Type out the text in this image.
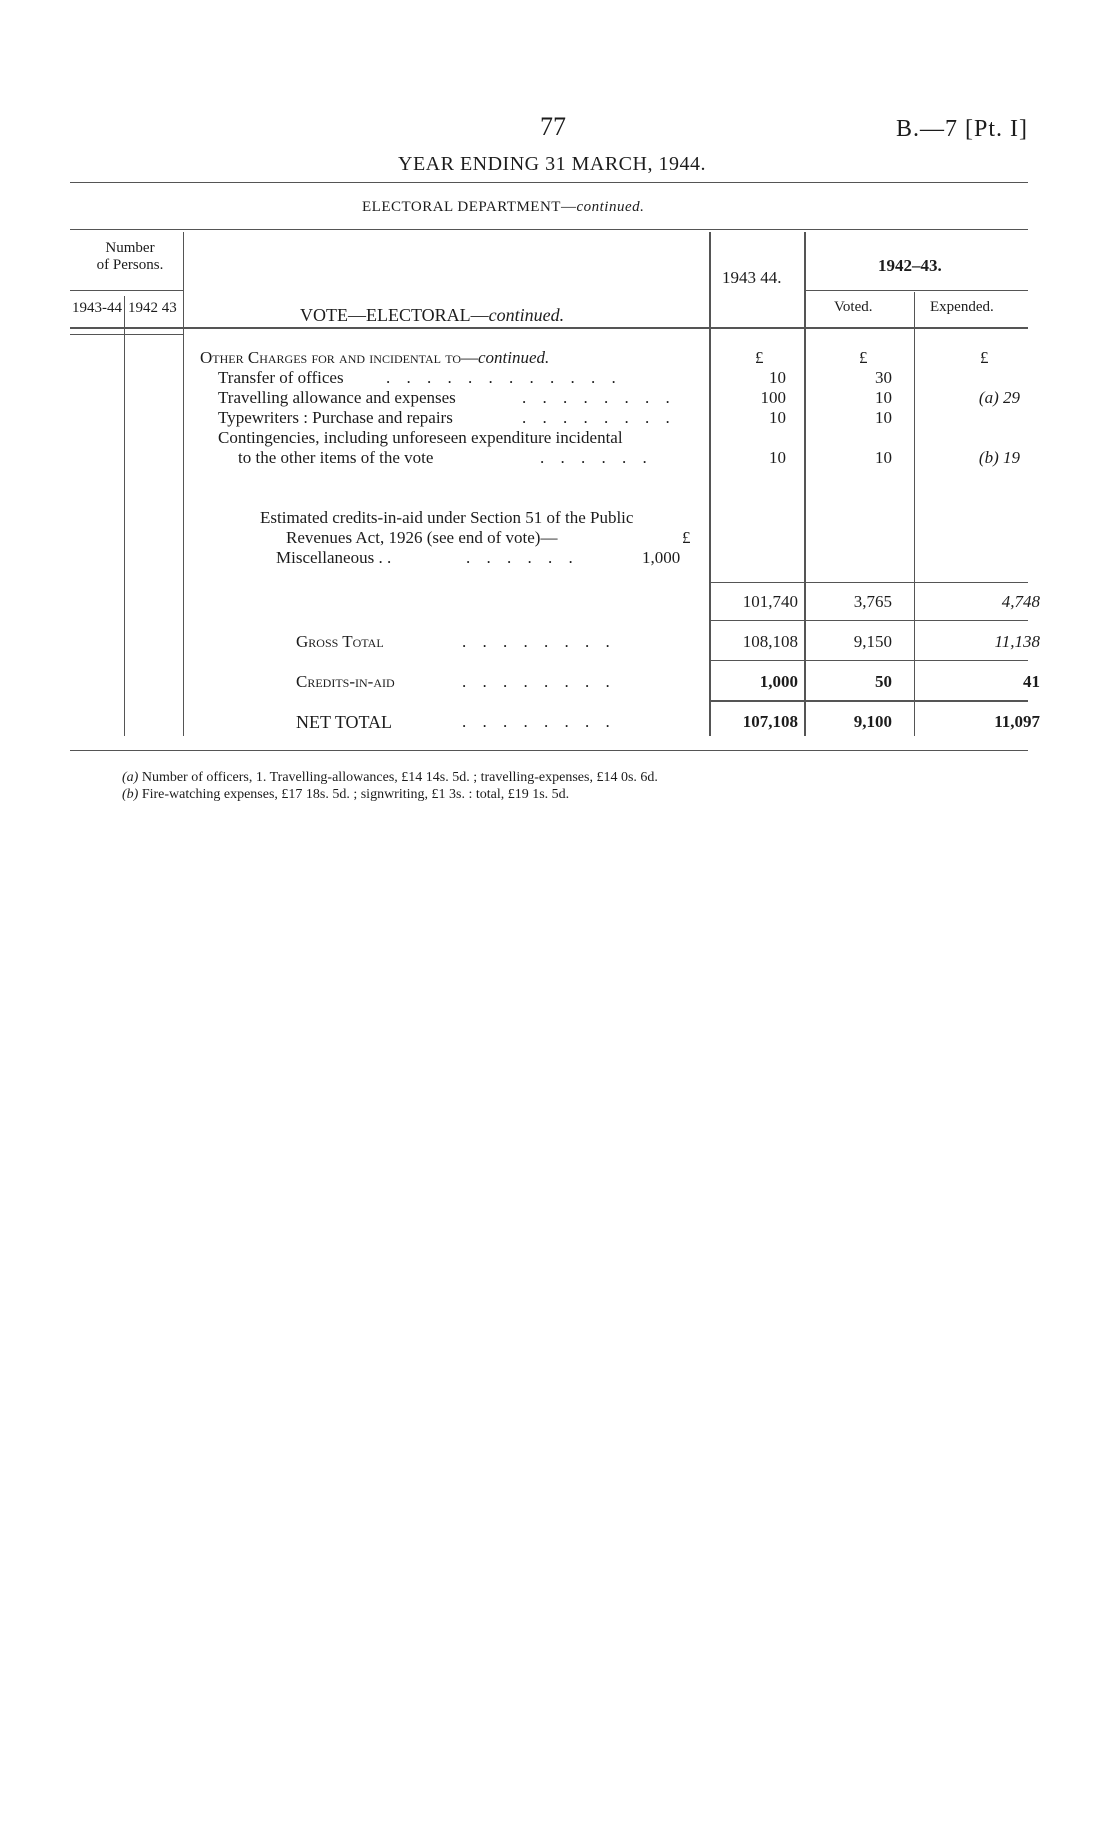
77	B.—7 [Pt. I]
YEAR ENDING 31 MARCH, 1944.
ELECTORAL DEPARTMENT—continued.
Number
of Persons.
1943-44 1942 43	VOTE—ELECTORAL—continued.
1943 44.
1942–43.
Voted.	Expended.
Other Charges for and incidental to—continued.	£	£	£
Transfer of offices . . . . . . . . . . . .	10	30
Travelling allowance and expenses	. . . . . . . .	100	10	(a) 29
Typewriters : Purchase and repairs	. . . . . . . .	10	10
Contingencies, including unforeseen expenditure incidental
to the other items of the vote	. . . . . .	10	10	(b) 19
Estimated credits-in-aid under Section 51 of the Public
Revenues Act, 1926 (see end of vote)—	£
Miscellaneous . .	. . . . . .	1,000
101,740	3,765	4,748
Gross Total	. . . . . . . .	108,108	9,150	11,138
Credits-in-aid	. . . . . . . .	1,000	50	41
NET TOTAL	. . . . . . . .	107,108	9,100	11,097
(a) Number of officers, 1. Travelling-allowances, £14 14s. 5d. ; travelling-expenses, £14 0s. 6d.
(b) Fire-watching expenses, £17 18s. 5d. ; signwriting, £1 3s. : total, £19 1s. 5d.
